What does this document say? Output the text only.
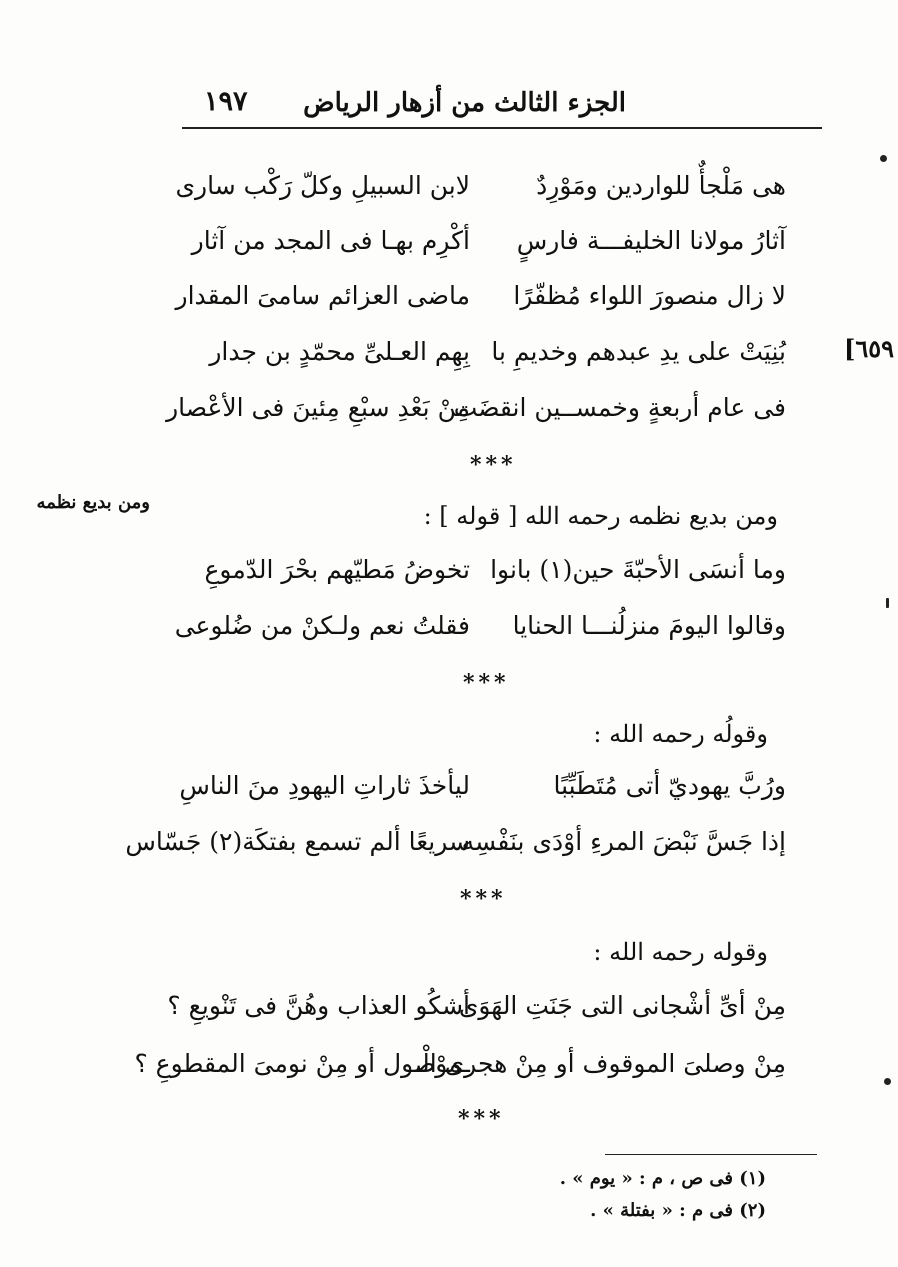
١٩٧ الجزء الثالث من أزهار الرياض
[٦٥٩
ومن بديع نظمه
هى مَلْجأٌ للواردين ومَوْرِدٌ
لابن السبيلِ وكلّ رَكْب سارى
آثارُ مولانا الخليفـــة فارسٍ
أكْرِم بهـا فى المجد من آثار
لا زال منصورَ اللواء مُظفّرًا
ماضى العزائم سامىَ المقدار
بُنِيَتْ على يدِ عبدهم وخديمِ با
بِهِم العـلىِّ محمّدٍ بن جدار
فى عام أربعةٍ وخمســين انقضَت
مِنْ بَعْدِ سبْعِ مِئينَ فى الأعْصار
***
ومن بديع نظمه رحمه الله [ قوله ] :
وما أنسَى الأحبّةَ حين(١) بانوا
تخوضُ مَطيّهم بحْرَ الدّموعِ
وقالوا اليومَ منزلُنـــا الحنايا
فقلتُ نعم ولـكنْ من ضُلوعى
***
وقولُه رحمه الله :
ورُبَّ يهوديّ أتى مُتَطَبِّبًا
ليأخذَ ثاراتِ اليهودِ منَ الناسِ
إذا جَسَّ نَبْضَ المرءِ أوْدَى بنَفْسِه
سريعًا ألم تسمع بفتكَة(٢) جَسّاس
***
وقوله رحمه الله :
مِنْ أىِّ أشْجانى التى جَنَتِ الهَوَى
أشكُو العذاب وهُنَّ فى تَنْويعِ ؟
مِنْ وصلىَ الموقوف أو مِنْ هجرى الْـ
ـموْصول أو مِنْ نومىَ المقطوعِ ؟
***
(١) فى ص ، م : « يوم » .
(٢) فى م : « بفتلة » .
